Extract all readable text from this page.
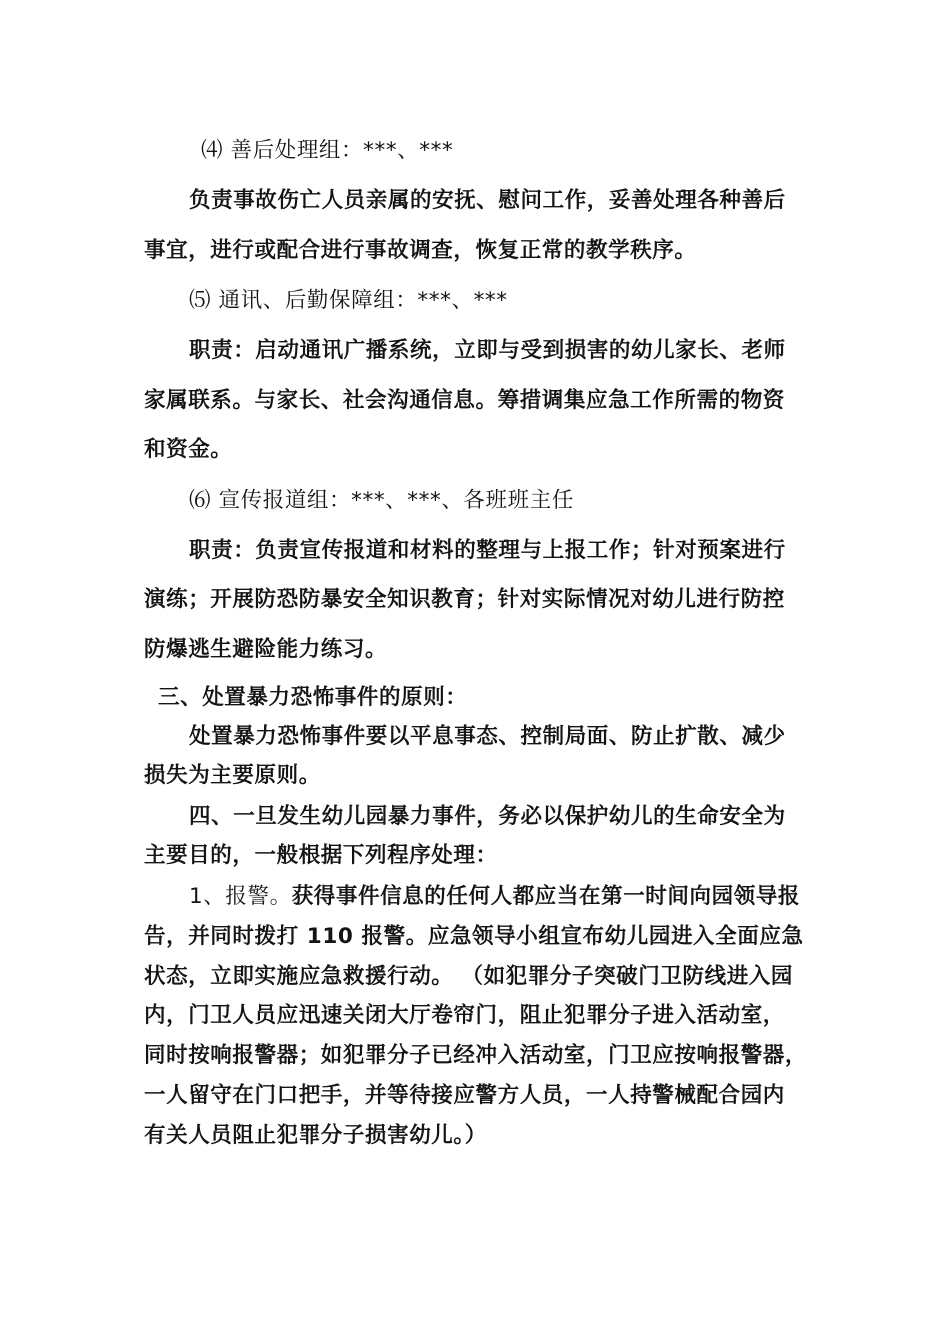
⑷ 善后处理组：***、***
负责事故伤亡人员亲属的安抚、慰问工作，妥善处理各种善后
事宜，进行或配合进行事故调查，恢复正常的教学秩序。
⑸ 通讯、后勤保障组：***、***
职责：启动通讯广播系统，立即与受到损害的幼儿家长、老师
家属联系。与家长、社会沟通信息。筹措调集应急工作所需的物资
和资金。
⑹ 宣传报道组：***、***、各班班主任
职责：负责宣传报道和材料的整理与上报工作；针对预案进行
演练；开展防恐防暴安全知识教育；针对实际情况对幼儿进行防控
防爆逃生避险能力练习。
三、处置暴力恐怖事件的原则：
处置暴力恐怖事件要以平息事态、控制局面、防止扩散、减少
损失为主要原则。
四、一旦发生幼儿园暴力事件，务必以保护幼儿的生命安全为
主要目的，一般根据下列程序处理：
1、报警。获得事件信息的任何人都应当在第一时间向园领导报
告，并同时拨打 110 报警。应急领导小组宣布幼儿园进入全面应急
状态，立即实施应急救援行动。 （如犯罪分子突破门卫防线进入园
内，门卫人员应迅速关闭大厅卷帘门，阻止犯罪分子进入活动室，
同时按响报警器；如犯罪分子已经冲入活动室，门卫应按响报警器，
一人留守在门口把手，并等待接应警方人员，一人持警械配合园内
有关人员阻止犯罪分子损害幼儿。）
